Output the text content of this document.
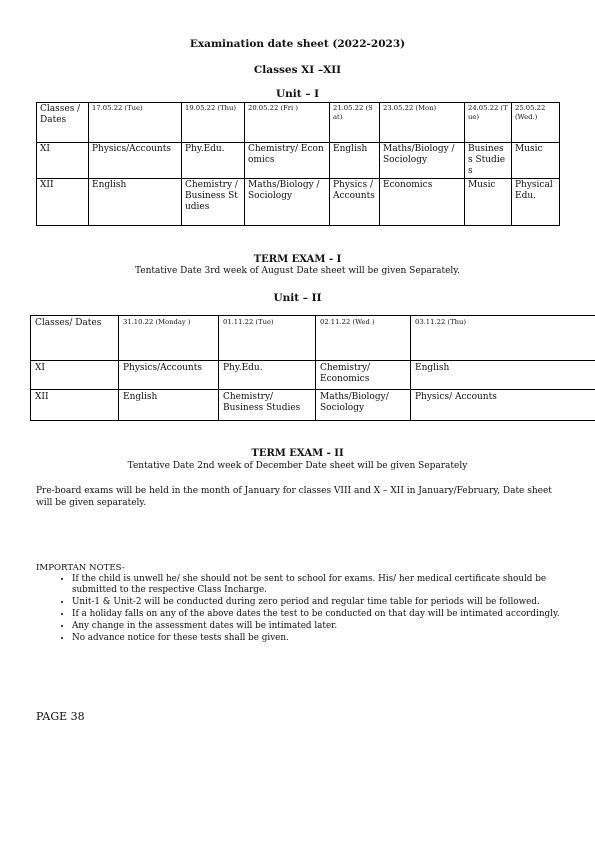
Examination date sheet (2022-2023)
Classes XI –XII
Unit – I
Classes / Dates	17.05.22 (Tue)	19.05.22 (Thu)	20.05.22 (Fri )	21.05.22 (Sat)	23.05.22 (Mon)	24.05.22 (Tue)	25.05.22 (Wed.)
XI	Physics/Accounts	Phy.Edu.	Chemistry/ Economics	English	Maths/Biology / Sociology	Business Studies	Music
XII	English	Chemistry / Business Studies	Maths/Biology / Sociology	Physics / Accounts	Economics	Music	Physical Edu.
TERM EXAM - I
Tentative Date 3rd week of August Date sheet will be given Separately.
Unit – II
Classes/ Dates	31.10.22 (Monday )	01.11.22 (Tue)	02.11.22 (Wed )	03.11.22 (Thu)
XI	Physics/Accounts	Phy.Edu.	Chemistry/ Economics	English
XII	English	Chemistry/ Business Studies	Maths/Biology/ Sociology	Physics/ Accounts
TERM EXAM - II
Tentative Date 2nd week of December Date sheet will be given Separately
Pre-board exams will be held in the month of January for classes VIII and X – XII in January/February, Date sheet will be given separately.
IMPORTAN NOTES-
• If the child is unwell he/ she should not be sent to school for exams. His/ her medical certificate should be submitted to the respective Class Incharge.
• Unit-1 & Unit-2 will be conducted during zero period and regular time table for periods will be followed.
• If a holiday falls on any of the above dates the test to be conducted on that day will be intimated accordingly.
• Any change in the assessment dates will be intimated later.
• No advance notice for these tests shall be given.
PAGE 38
